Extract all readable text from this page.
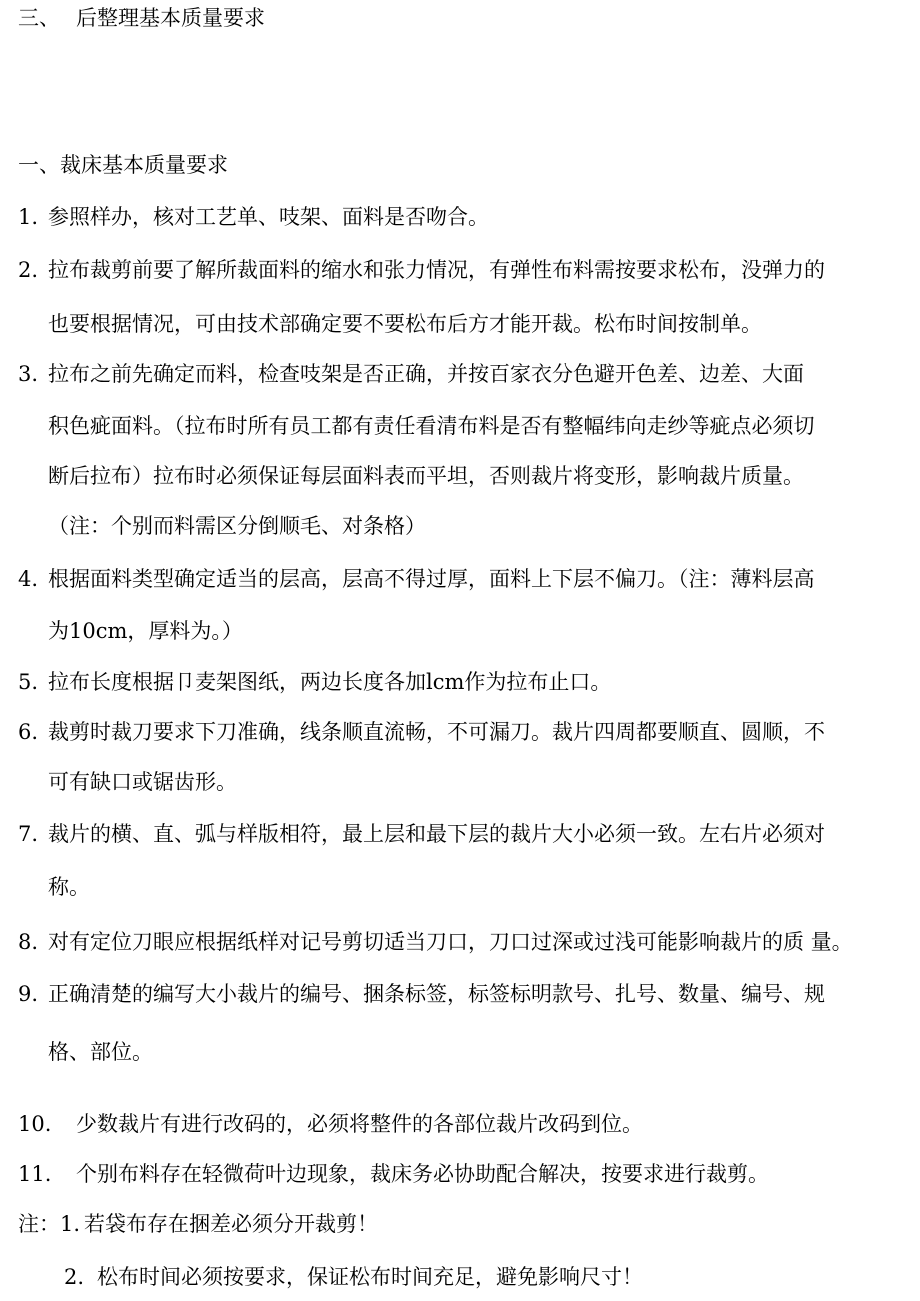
三、 后整理基本质量要求
一、裁床基本质量要求
1. 参照样办，核对工艺单、吱架、面料是否吻合。
2. 拉布裁剪前要了解所裁面料的缩水和张力情况，有弹性布料需按要求松布，没弹力的
也要根据情况，可由技术部确定要不要松布后方才能开裁。松布时间按制单。
3. 拉布之前先确定而料，检查吱架是否正确，并按百家衣分色避开色差、边差、大面
积色疵面料。（拉布时所有员工都有责任看清布料是否有整幅纬向走纱等疵点必须切
断后拉布）拉布时必须保证每层面料表而平坦，否则裁片将变形，影响裁片质量。
（注：个别而料需区分倒顺毛、对条格）
4. 根据面料类型确定适当的层高，层高不得过厚，面料上下层不偏刀。（注：薄料层高
为10cm，厚料为。）
5. 拉布长度根据卩麦架图纸，两边长度各加lcm作为拉布止口。
6. 裁剪时裁刀要求下刀准确，线条顺直流畅，不可漏刀。裁片四周都要顺直、圆顺，不
可有缺口或锯齿形。
7. 裁片的横、直、弧与样版相符，最上层和最下层的裁片大小必须一致。左右片必须对
称。
8. 对有定位刀眼应根据纸样对记号剪切适当刀口，刀口过深或过浅可能影响裁片的质 量。
9. 正确清楚的编写大小裁片的编号、捆条标签，标签标明款号、扎号、数量、编号、规
格、部位。
10. 少数裁片有进行改码的，必须将整件的各部位裁片改码到位。
11. 个别布料存在轻微荷叶边现象，裁床务必协助配合解决，按要求进行裁剪。
注： 1. 若袋布存在捆差必须分开裁剪！
2. 松布时间必须按要求，保证松布时间充足，避免影响尺寸！
